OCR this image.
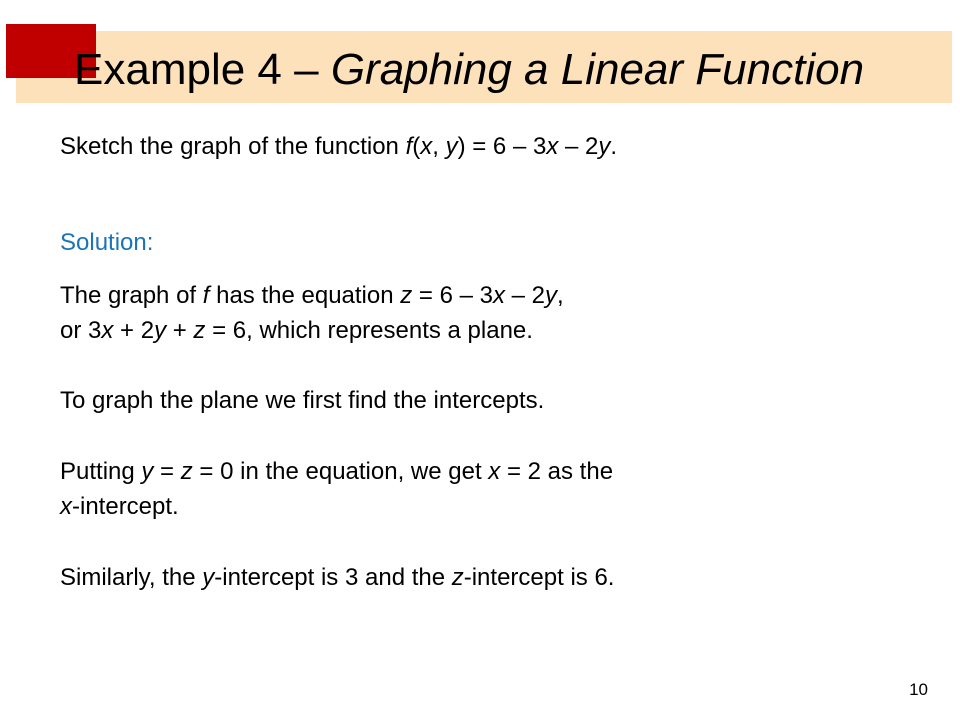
Example 4 – Graphing a Linear Function
Sketch the graph of the function f(x, y) = 6 – 3x – 2y.
Solution:
The graph of f has the equation z = 6 – 3x – 2y,
or 3x + 2y + z = 6, which represents a plane.
To graph the plane we first find the intercepts.
Putting y = z = 0 in the equation, we get x = 2 as the
x-intercept.
Similarly, the y-intercept is 3 and the z-intercept is 6.
10
